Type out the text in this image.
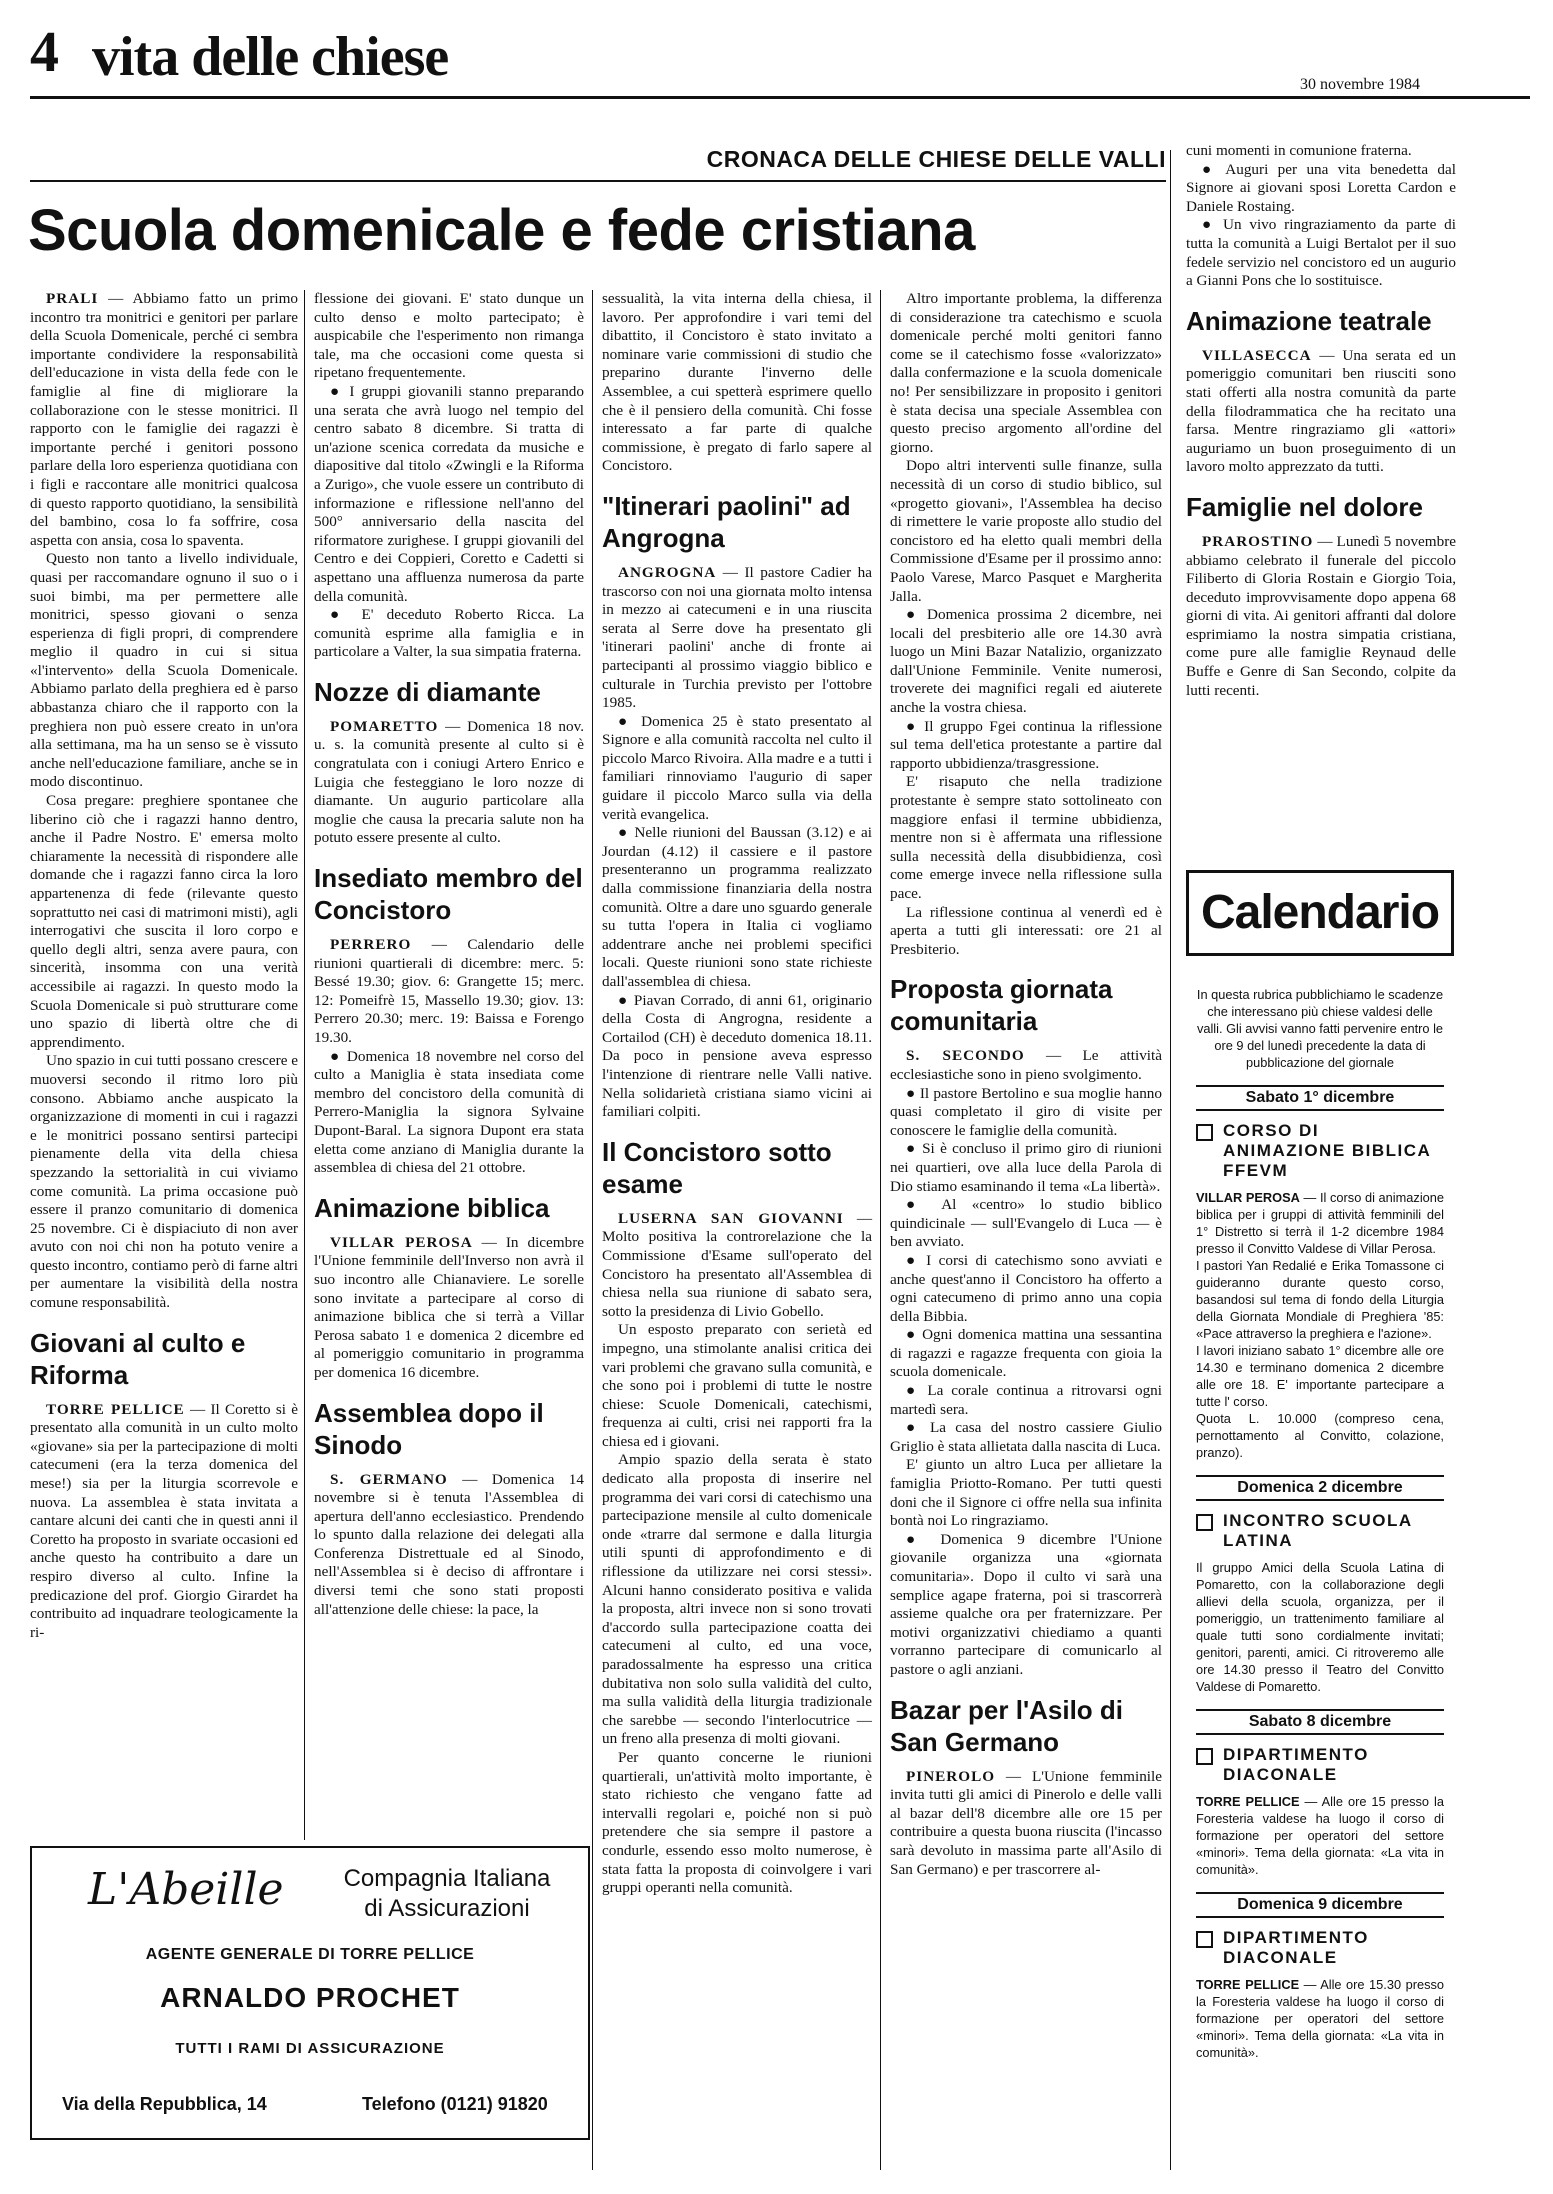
4 vita delle chiese	30 novembre 1984
CRONACA DELLE CHIESE DELLE VALLI
Scuola domenicale e fede cristiana

PRALI — Abbiamo fatto un primo incontro tra monitrici e genitori per parlare della Scuola Domenicale, perché ci sembra importante condividere la responsabilità dell'educazione in vista della fede con le famiglie al fine di migliorare la collaborazione con le stesse monitrici. Il rapporto con le famiglie dei ragazzi è importante perché i genitori possono parlare della loro esperienza quotidiana con i figli e raccontare alle monitrici qualcosa di questo rapporto quotidiano, la sensibilità del bambino, cosa lo fa soffrire, cosa aspetta con ansia, cosa lo spaventa.

Questo non tanto a livello individuale, quasi per raccomandare ognuno il suo o i suoi bimbi, ma per permettere alle monitrici, spesso giovani o senza esperienza di figli propri, di comprendere meglio il quadro in cui si situa «l'intervento» della Scuola Domenicale. Abbiamo parlato della preghiera ed è parso abbastanza chiaro che il rapporto con la preghiera non può essere creato in un'ora alla settimana, ma ha un senso se è vissuto anche nell'educazione familiare, anche se in modo discontinuo.

Cosa pregare: preghiere spontanee che liberino ciò che i ragazzi hanno dentro, anche il Padre Nostro. E' emersa molto chiaramente la necessità di rispondere alle domande che i ragazzi fanno circa la loro appartenenza di fede (rilevante questo soprattutto nei casi di matrimoni misti), agli interrogativi che suscita il loro corpo e quello degli altri, senza avere paura, con sincerità, insomma con una verità accessibile ai ragazzi. In questo modo la Scuola Domenicale si può strutturare come uno spazio di libertà oltre che di apprendimento.

Uno spazio in cui tutti possano crescere e muoversi secondo il ritmo loro più consono. Abbiamo anche auspicato la organizzazione di momenti in cui i ragazzi e le monitrici possano sentirsi partecipi pienamente della vita della chiesa spezzando la settorialità in cui viviamo come comunità. La prima occasione può essere il pranzo comunitario di domenica 25 novembre. Ci è dispiaciuto di non aver avuto con noi chi non ha potuto venire a questo incontro, contiamo però di farne altri per aumentare la visibilità della nostra comune responsabilità.

Giovani al culto e Riforma

TORRE PELLICE — Il Coretto si è presentato alla comunità in un culto molto «giovane» sia per la partecipazione di molti catecumeni (era la terza domenica del mese!) sia per la liturgia scorrevole e nuova. La assemblea è stata invitata a cantare alcuni dei canti che in questi anni il Coretto ha proposto in svariate occasioni ed anche questo ha contribuito a dare un respiro diverso al culto. Infine la predicazione del prof. Giorgio Girardet ha contribuito ad inquadrare teologicamente la ri-

flessione dei giovani. E' stato dunque un culto denso e molto partecipato; è auspicabile che l'esperimento non rimanga tale, ma che occasioni come questa si ripetano frequentemente.

● I gruppi giovanili stanno preparando una serata che avrà luogo nel tempio del centro sabato 8 dicembre. Si tratta di un'azione scenica corredata da musiche e diapositive dal titolo «Zwingli e la Riforma a Zurigo», che vuole essere un contributo di informazione e riflessione nell'anno del 500° anniversario della nascita del riformatore zurighese. I gruppi giovanili del Centro e dei Coppieri, Coretto e Cadetti si aspettano una affluenza numerosa da parte della comunità.

● E' deceduto Roberto Ricca. La comunità esprime alla famiglia e in particolare a Valter, la sua simpatia fraterna.

Nozze di diamante

POMARETTO — Domenica 18 nov. u. s. la comunità presente al culto si è congratulata con i coniugi Artero Enrico e Luigia che festeggiano le loro nozze di diamante. Un augurio particolare alla moglie che causa la precaria salute non ha potuto essere presente al culto.

Insediato membro del Concistoro

PERRERO — Calendario delle riunioni quartierali di dicembre: merc. 5: Bessé 19.30; giov. 6: Grangette 15; merc. 12: Pomeifrè 15, Massello 19.30; giov. 13: Perrero 20.30; merc. 19: Baissa e Forengo 19.30.

● Domenica 18 novembre nel corso del culto a Maniglia è stata insediata come membro del concistoro della comunità di Perrero-Maniglia la signora Sylvaine Dupont-Baral. La signora Dupont era stata eletta come anziano di Maniglia durante la assemblea di chiesa del 21 ottobre.

Animazione biblica

VILLAR PEROSA — In dicembre l'Unione femminile dell'Inverso non avrà il suo incontro alle Chianaviere. Le sorelle sono invitate a partecipare al corso di animazione biblica che si terrà a Villar Perosa sabato 1 e domenica 2 dicembre ed al pomeriggio comunitario in programma per domenica 16 dicembre.

Assemblea dopo il Sinodo

S. GERMANO — Domenica 14 novembre si è tenuta l'Assemblea di apertura dell'anno ecclesiastico. Prendendo lo spunto dalla relazione dei delegati alla Conferenza Distrettuale ed al Sinodo, nell'Assemblea si è deciso di affrontare i diversi temi che sono stati proposti all'attenzione delle chiese: la pace, la

sessualità, la vita interna della chiesa, il lavoro. Per approfondire i vari temi del dibattito, il Concistoro è stato invitato a nominare varie commissioni di studio che preparino durante l'inverno delle Assemblee, a cui spetterà esprimere quello che è il pensiero della comunità. Chi fosse interessato a far parte di qualche commissione, è pregato di farlo sapere al Concistoro.

"Itinerari paolini" ad Angrogna

ANGROGNA — Il pastore Cadier ha trascorso con noi una giornata molto intensa in mezzo ai catecumeni e in una riuscita serata al Serre dove ha presentato gli 'itinerari paolini' anche di fronte ai partecipanti al prossimo viaggio biblico e culturale in Turchia previsto per l'ottobre 1985.

● Domenica 25 è stato presentato al Signore e alla comunità raccolta nel culto il piccolo Marco Rivoira. Alla madre e a tutti i familiari rinnoviamo l'augurio di saper guidare il piccolo Marco sulla via della verità evangelica.

● Nelle riunioni del Baussan (3.12) e ai Jourdan (4.12) il cassiere e il pastore presenteranno un programma realizzato dalla commissione finanziaria della nostra comunità. Oltre a dare uno sguardo generale su tutta l'opera in Italia ci vogliamo addentrare anche nei problemi specifici locali. Queste riunioni sono state richieste dall'assemblea di chiesa.

● Piavan Corrado, di anni 61, originario della Costa di Angrogna, residente a Cortailod (CH) è deceduto domenica 18.11. Da poco in pensione aveva espresso l'intenzione di rientrare nelle Valli native. Nella solidarietà cristiana siamo vicini ai familiari colpiti.

Il Concistoro sotto esame

LUSERNA SAN GIOVANNI — Molto positiva la controrelazione che la Commissione d'Esame sull'operato del Concistoro ha presentato all'Assemblea di chiesa nella sua riunione di sabato sera, sotto la presidenza di Livio Gobello.

Un esposto preparato con serietà ed impegno, una stimolante analisi critica dei vari problemi che gravano sulla comunità, e che sono poi i problemi di tutte le nostre chiese: Scuole Domenicali, catechismi, frequenza ai culti, crisi nei rapporti fra la chiesa ed i giovani.

Ampio spazio della serata è stato dedicato alla proposta di inserire nel programma dei vari corsi di catechismo una partecipazione mensile al culto domenicale onde «trarre dal sermone e dalla liturgia utili spunti di approfondimento e di riflessione da utilizzare nei corsi stessi». Alcuni hanno considerato positiva e valida la proposta, altri invece non si sono trovati d'accordo sulla partecipazione coatta dei catecumeni al culto, ed una voce, paradossalmente ha espresso una critica dubitativa non solo sulla validità del culto, ma sulla validità della liturgia tradizionale che sarebbe — secondo l'interlocutrice — un freno alla presenza di molti giovani.

Per quanto concerne le riunioni quartierali, un'attività molto importante, è stato richiesto che vengano fatte ad intervalli regolari e, poiché non si può pretendere che sia sempre il pastore a condurle, essendo esso molto numerose, è stata fatta la proposta di coinvolgere i vari gruppi operanti nella comunità.

Altro importante problema, la differenza di considerazione tra catechismo e scuola domenicale perché molti genitori fanno come se il catechismo fosse «valorizzato» dalla confermazione e la scuola domenicale no! Per sensibilizzare in proposito i genitori è stata decisa una speciale Assemblea con questo preciso argomento all'ordine del giorno.

Dopo altri interventi sulle finanze, sulla necessità di un corso di studio biblico, sul «progetto giovani», l'Assemblea ha deciso di rimettere le varie proposte allo studio del concistoro ed ha eletto quali membri della Commissione d'Esame per il prossimo anno: Paolo Varese, Marco Pasquet e Margherita Jalla.

● Domenica prossima 2 dicembre, nei locali del presbiterio alle ore 14.30 avrà luogo un Mini Bazar Natalizio, organizzato dall'Unione Femminile. Venite numerosi, troverete dei magnifici regali ed aiuterete anche la vostra chiesa.

● Il gruppo Fgei continua la riflessione sul tema dell'etica protestante a partire dal rapporto ubbidienza/trasgressione.

E' risaputo che nella tradizione protestante è sempre stato sottolineato con maggiore enfasi il termine ubbidienza, mentre non si è affermata una riflessione sulla necessità della disubbidienza, così come emerge invece nella riflessione sulla pace.

La riflessione continua al venerdì ed è aperta a tutti gli interessati: ore 21 al Presbiterio.

Proposta giornata comunitaria

S. SECONDO — Le attività ecclesiastiche sono in pieno svolgimento.

● Il pastore Bertolino e sua moglie hanno quasi completato il giro di visite per conoscere le famiglie della comunità.

● Si è concluso il primo giro di riunioni nei quartieri, ove alla luce della Parola di Dio stiamo esaminando il tema «La libertà».

● Al «centro» lo studio biblico quindicinale — sull'Evangelo di Luca — è ben avviato.

● I corsi di catechismo sono avviati e anche quest'anno il Concistoro ha offerto a ogni catecumeno di primo anno una copia della Bibbia.

● Ogni domenica mattina una sessantina di ragazzi e ragazze frequenta con gioia la scuola domenicale.

● La corale continua a ritrovarsi ogni martedì sera.

● La casa del nostro cassiere Giulio Griglio è stata allietata dalla nascita di Luca.

E' giunto un altro Luca per allietare la famiglia Priotto-Romano. Per tutti questi doni che il Signore ci offre nella sua infinita bontà noi Lo ringraziamo.

● Domenica 9 dicembre l'Unione giovanile organizza una «giornata comunitaria». Dopo il culto vi sarà una semplice agape fraterna, poi si trascorrerà assieme qualche ora per fraternizzare. Per motivi organizzativi chiediamo a quanti vorranno partecipare di comunicarlo al pastore o agli anziani.

Bazar per l'Asilo di San Germano

PINEROLO — L'Unione femminile invita tutti gli amici di Pinerolo e delle valli al bazar dell'8 dicembre alle ore 15 per contribuire a questa buona riuscita (l'incasso sarà devoluto in massima parte all'Asilo di San Germano) e per trascorrere al-

cuni momenti in comunione fraterna.

● Auguri per una vita benedetta dal Signore ai giovani sposi Loretta Cardon e Daniele Rostaing.

● Un vivo ringraziamento da parte di tutta la comunità a Luigi Bertalot per il suo fedele servizio nel concistoro ed un augurio a Gianni Pons che lo sostituisce.

Animazione teatrale

VILLASECCA — Una serata ed un pomeriggio comunitari ben riusciti sono stati offerti alla nostra comunità da parte della filodrammatica che ha recitato una farsa. Mentre ringraziamo gli «attori» auguriamo un buon proseguimento di un lavoro molto apprezzato da tutti.

Famiglie nel dolore

PRAROSTINO — Lunedì 5 novembre abbiamo celebrato il funerale del piccolo Filiberto di Gloria Rostain e Giorgio Toia, deceduto improvvisamente dopo appena 68 giorni di vita. Ai genitori affranti dal dolore esprimiamo la nostra simpatia cristiana, come pure alle famiglie Reynaud delle Buffe e Genre di San Secondo, colpite da lutti recenti.

Calendario

In questa rubrica pubblichiamo le scadenze che interessano più chiese valdesi delle valli. Gli avvisi vanno fatti pervenire entro le ore 9 del lunedì precedente la data di pubblicazione del giornale

Sabato 1° dicembre
CORSO DI ANIMAZIONE BIBLICA FFEVM

VILLAR PEROSA — Il corso di animazione biblica per i gruppi di attività femminili del 1° Distretto si terrà il 1-2 dicembre 1984 presso il Convitto Valdese di Villar Perosa.

I pastori Yan Redalié e Erika Tomassone ci guideranno durante questo corso, basandosi sul tema di fondo della Liturgia della Giornata Mondiale di Preghiera '85: «Pace attraverso la preghiera e l'azione».

I lavori iniziano sabato 1° dicembre alle ore 14.30 e terminano domenica 2 dicembre alle ore 18. E' importante partecipare a tutte l' corso.

Quota L. 10.000 (compreso cena, pernottamento al Convitto, colazione, pranzo).

Domenica 2 dicembre
INCONTRO SCUOLA LATINA

Il gruppo Amici della Scuola Latina di Pomaretto, con la collaborazione degli allievi della scuola, organizza, per il pomeriggio, un trattenimento familiare al quale tutti sono cordialmente invitati; genitori, parenti, amici. Ci ritroveremo alle ore 14.30 presso il Teatro del Convitto Valdese di Pomaretto.

Sabato 8 dicembre
DIPARTIMENTO DIACONALE

TORRE PELLICE — Alle ore 15 presso la Foresteria valdese ha luogo il corso di formazione per operatori del settore «minori». Tema della giornata: «La vita in comunità».

Domenica 9 dicembre
DIPARTIMENTO DIACONALE

TORRE PELLICE — Alle ore 15.30 presso la Foresteria valdese ha luogo il corso di formazione per operatori del settore «minori». Tema della giornata: «La vita in comunità».

L'Abeille	Compagnia Italiana di Assicurazioni
AGENTE GENERALE DI TORRE PELLICE
ARNALDO PROCHET
TUTTI I RAMI DI ASSICURAZIONE
Via della Repubblica, 14	Telefono (0121) 91820
